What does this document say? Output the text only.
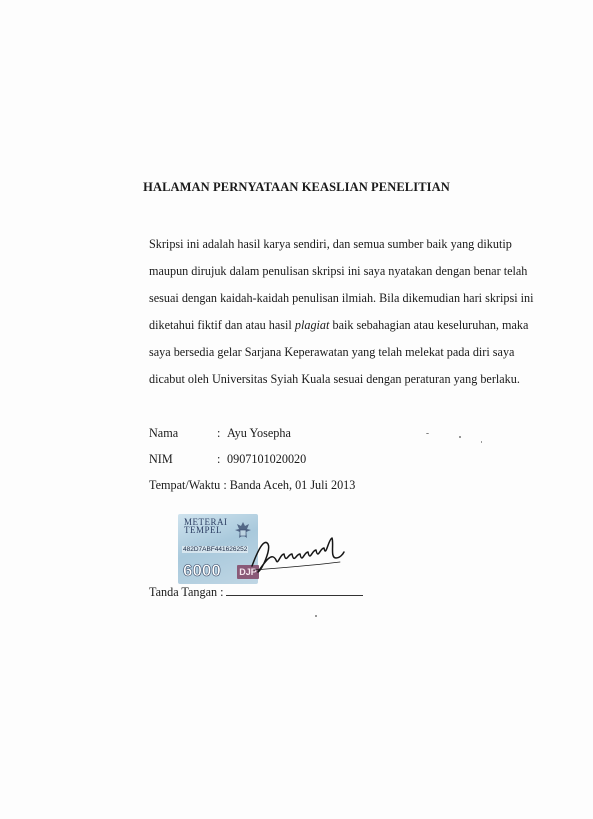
HALAMAN PERNYATAAN KEASLIAN PENELITIAN

Skripsi ini adalah hasil karya sendiri, dan semua sumber baik yang dikutip
maupun dirujuk dalam penulisan skripsi ini saya nyatakan dengan benar telah
sesuai dengan kaidah-kaidah penulisan ilmiah. Bila dikemudian hari skripsi ini
diketahui fiktif dan atau hasil plagiat baik sebahagian atau keseluruhan, maka
saya bersedia gelar Sarjana Keperawatan yang telah melekat pada diri saya
dicabut oleh Universitas Syiah Kuala sesuai dengan peraturan yang berlaku.

Nama	: Ayu Yosepha
NIM	: 0907101020020
Tempat/Waktu : Banda Aceh, 01 Juli 2013
METERAI
TEMPEL
482D7ABF441626252
6000 DJP
Tanda Tangan :
